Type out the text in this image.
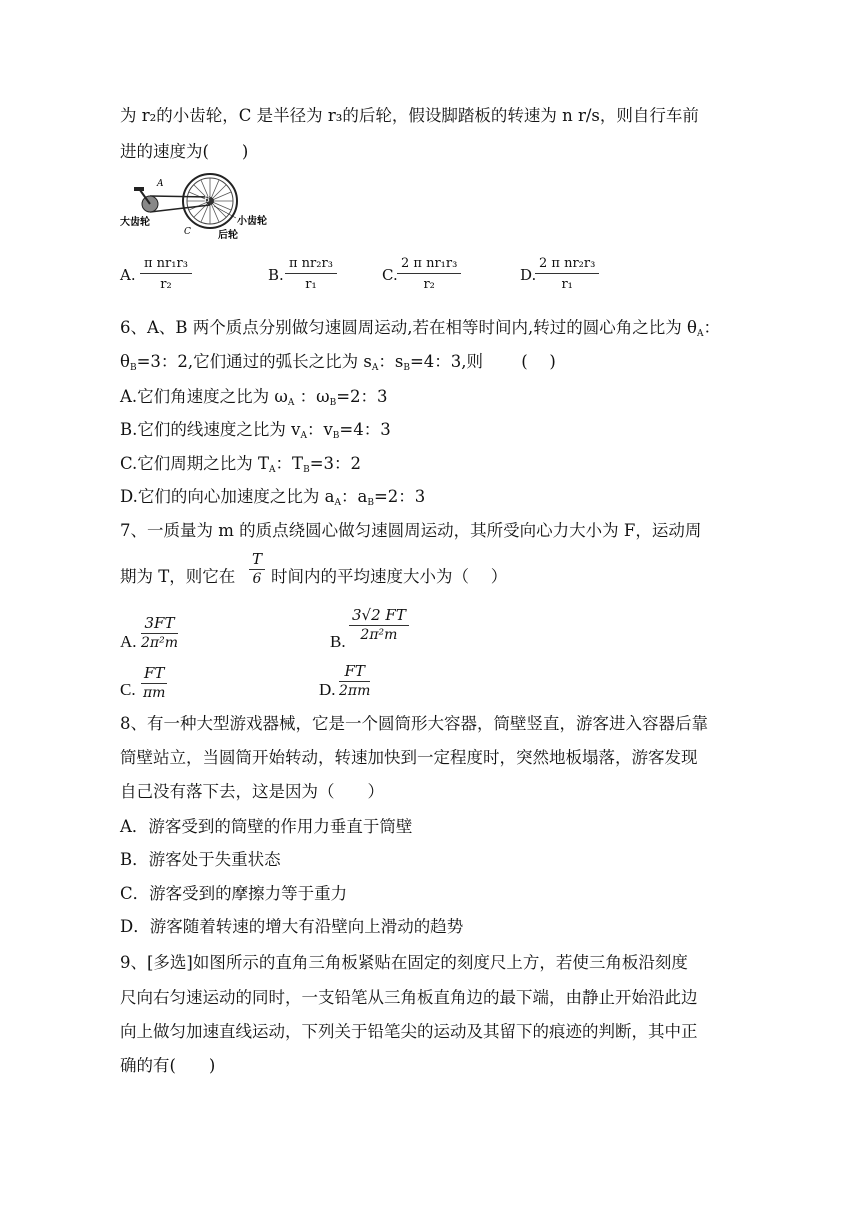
为 r₂的小齿轮，C 是半径为 r₃的后轮，假设脚踏板的转速为 n r/s，则自行车前
进的速度为(　　)
A
B
C
大齿轮	小齿轮
后轮
A. $\frac{\text{π nr₁r₃}}{\text{r₂}}$	B. $\frac{\text{π nr₂r₃}}{\text{r₁}}$	C. $\frac{\text{2 π nr₁r₃}}{\text{r₂}}$	D.
$\frac{\text{2 π nr₂r₃}}{\text{r₁}}$
6、A、B 两个质点分别做匀速圆周运动,若在相等时间内,转过的圆心角之比为 $\theta_A$：
$\theta_B=3$：2,它们通过的弧长之比为 $s_A$：$s_B=4$：3,则　　 (　 )
A.它们角速度之比为 $\omega_A$ ：$\omega_B=2$：3
B.它们的线速度之比为 $v_A$：$v_B=4$：3
C.它们周期之比为 $T_A$：$T_B=3$：2
D.它们的向心加速度之比为 $a_A$：$a_B=2$：3
7、一质量为 m 的质点绕圆心做匀速圆周运动，其所受向心力大小为 F，运动周
期为 T，则它在 $\frac{T}{6}$ 时间内的平均速度大小为（　 ）
A. $\frac{3FT}{\text{2π²m}}$	B. $\frac{3√2 FT}{\text{2π²m}}$
C. $\frac{FT}{\pi m}$	D. $\frac{FT}{2\pi m}$
8、有一种大型游戏器械，它是一个圆筒形大容器，筒壁竖直，游客进入容器后靠
筒壁站立，当圆筒开始转动，转速加快到一定程度时，突然地板塌落，游客发现
自己没有落下去，这是因为（　　）
A．游客受到的筒壁的作用力垂直于筒壁
B．游客处于失重状态
C．游客受到的摩擦力等于重力
D．游客随着转速的增大有沿壁向上滑动的趋势
9、[多选]如图所示的直角三角板紧贴在固定的刻度尺上方，若使三角板沿刻度
尺向右匀速运动的同时，一支铅笔从三角板直角边的最下端，由静止开始沿此边
向上做匀加速直线运动，下列关于铅笔尖的运动及其留下的痕迹的判断，其中正
确的有(　　)
